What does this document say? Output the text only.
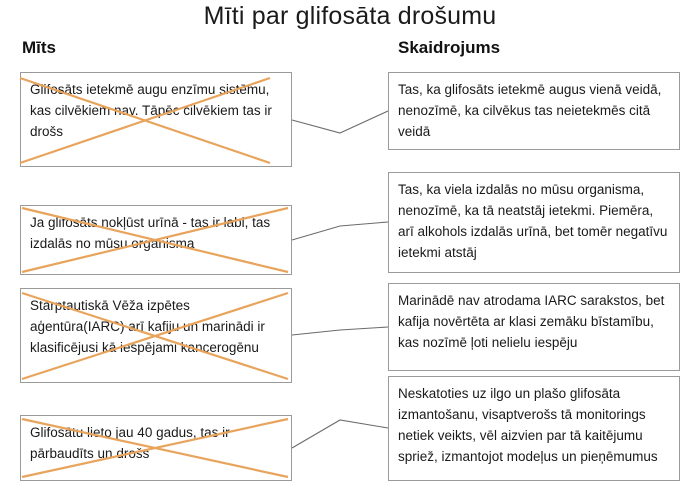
Mīti par glifosāta drošumu
Mīts	Skaidrojums
Glifosāts ietekmē augu enzīmu sistēmu, kas cilvēkiem nav. Tāpēc cilvēkiem tas ir drošs
Ja glifosāts nokļūst urīnā - tas ir labi, tas izdalās no mūsu organisma
Starptautiskā Vēža izpētes aģentūra(IARC) arī kafiju un marinādi ir klasificējusi kā iespējami kancerogēnu
Glifosātu lieto jau 40 gadus, tas ir pārbaudīts un drošs
Tas, ka glifosāts ietekmē augus vienā veidā, nenozīmē, ka cilvēkus tas neietekmēs citā veidā
Tas, ka viela izdalās no mūsu organisma, nenozīmē, ka tā neatstāj ietekmi. Piemēra, arī alkohols izdalās urīnā, bet tomēr negatīvu ietekmi atstāj
Marinādē nav atrodama IARC sarakstos, bet kafija novērtēta ar klasi zemāku bīstamību, kas nozīmē ļoti nelielu iespēju
Neskatoties uz ilgo un plašo glifosāta izmantošanu, visaptverošs tā monitorings netiek veikts, vēl aizvien par tā kaitējumu spriež, izmantojot modeļus un pieņēmumus
